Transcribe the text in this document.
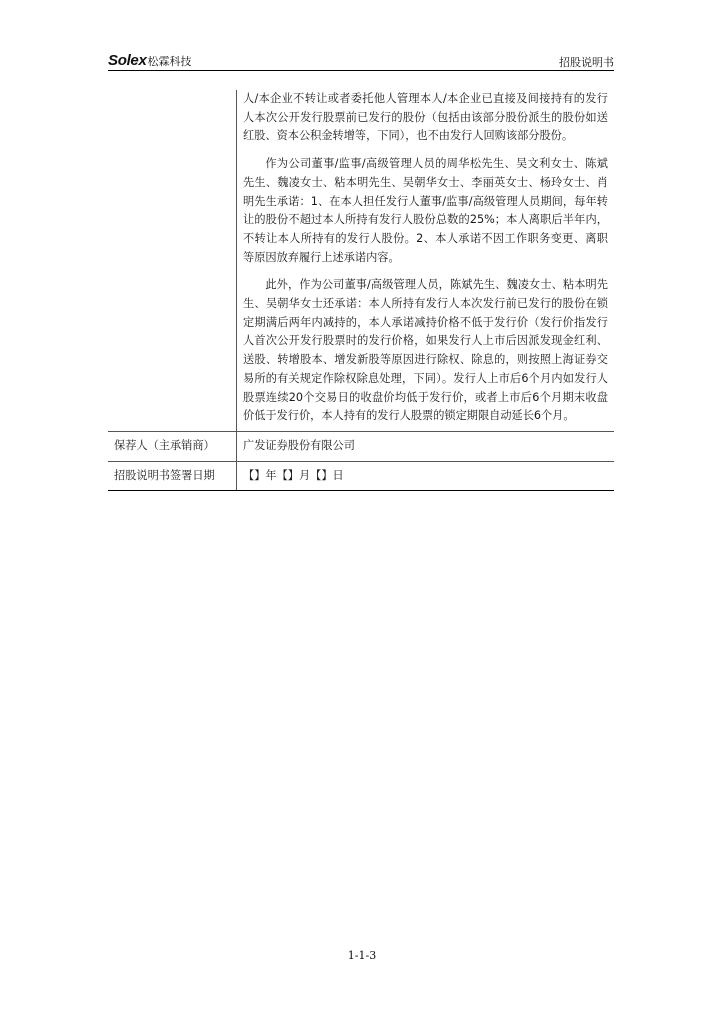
Solex 松霖科技	招股说明书

	人/本企业不转让或者委托他人管理本人/本企业已直接及间接持有的发行人本次公开发行股票前已发行的股份（包括由该部分股份派生的股份如送红股、资本公积金转增等，下同），也不由发行人回购该部分股份。

作为公司董事/监事/高级管理人员的周华松先生、吴文利女士、陈斌先生、魏凌女士、粘本明先生、吴朝华女士、李丽英女士、杨玲女士、肖明先生承诺：1、在本人担任发行人董事/监事/高级管理人员期间，每年转让的股份不超过本人所持有发行人股份总数的25%；本人离职后半年内，不转让本人所持有的发行人股份。2、本人承诺不因工作职务变更、离职等原因放弃履行上述承诺内容。

此外，作为公司董事/高级管理人员，陈斌先生、魏凌女士、粘本明先生、吴朝华女士还承诺：本人所持有发行人本次发行前已发行的股份在锁定期满后两年内减持的，本人承诺减持价格不低于发行价（发行价指发行人首次公开发行股票时的发行价格，如果发行人上市后因派发现金红利、送股、转增股本、增发新股等原因进行除权、除息的，则按照上海证券交易所的有关规定作除权除息处理，下同）。发行人上市后6个月内如发行人股票连续20个交易日的收盘价均低于发行价，或者上市后6个月期末收盘价低于发行价，本人持有的发行人股票的锁定期限自动延长6个月。

保荐人（主承销商）	广发证券股份有限公司
招股说明书签署日期	【】年【】月【】日
1-1-3
